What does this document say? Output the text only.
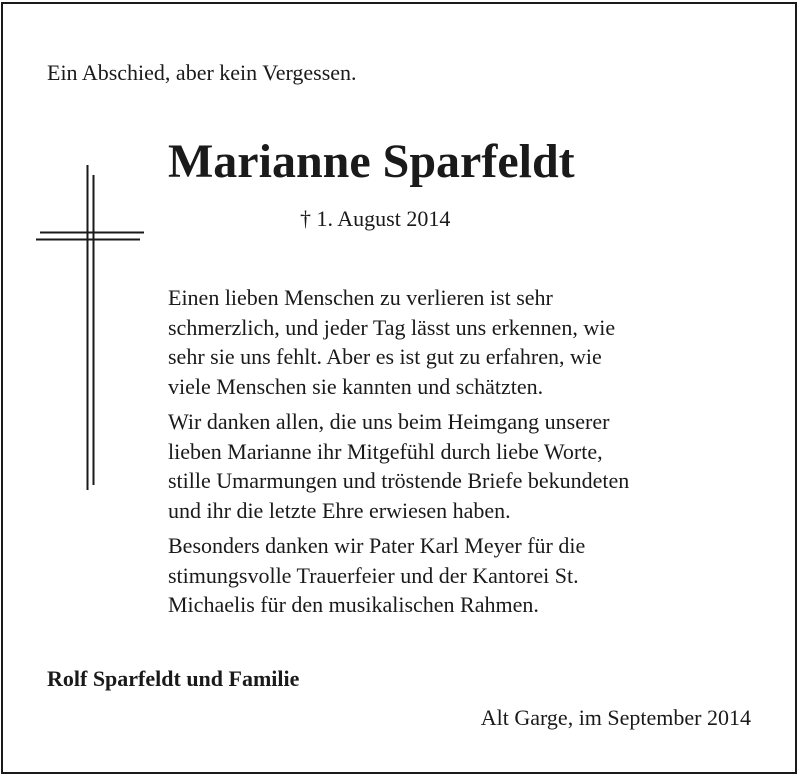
Ein Abschied, aber kein Vergessen.
Marianne Sparfeldt
† 1. August 2014

Einen lieben Menschen zu verlieren ist sehr
schmerzlich, und jeder Tag lässt uns erkennen, wie
sehr sie uns fehlt. Aber es ist gut zu erfahren, wie
viele Menschen sie kannten und schätzten.

Wir danken allen, die uns beim Heimgang unserer
lieben Marianne ihr Mitgefühl durch liebe Worte,
stille Umarmungen und tröstende Briefe bekundeten
und ihr die letzte Ehre erwiesen haben.

Besonders danken wir Pater Karl Meyer für die
stimungsvolle Trauerfeier und der Kantorei St.
Michaelis für den musikalischen Rahmen.

Rolf Sparfeldt und Familie
Alt Garge, im September 2014
